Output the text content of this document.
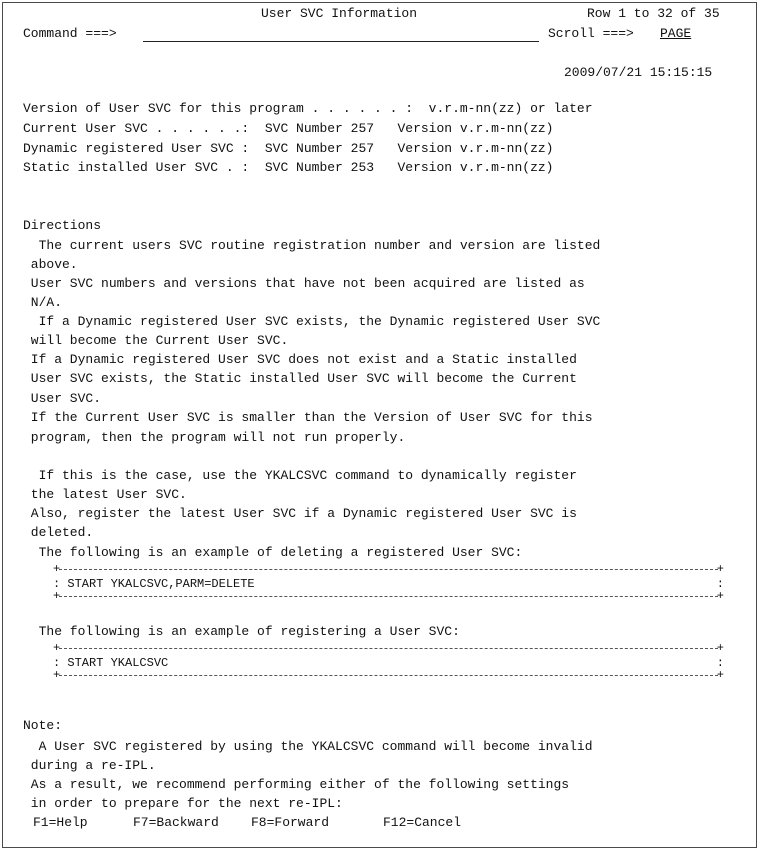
User SVC Information	Row 1 to 32 of 35
Command ===>	Scroll ===> PAGE
2009/07/21 15:15:15
Version of User SVC for this program . . . . . . :  v.r.m-nn(zz) or later
Current User SVC . . . . . .:  SVC Number 257   Version v.r.m-nn(zz)
Dynamic registered User SVC :  SVC Number 257   Version v.r.m-nn(zz)
Static installed User SVC . :  SVC Number 253   Version v.r.m-nn(zz)
Directions
The current users SVC routine registration number and version are listed
above.
User SVC numbers and versions that have not been acquired are listed as
N/A.
If a Dynamic registered User SVC exists, the Dynamic registered User SVC
will become the Current User SVC.
If a Dynamic registered User SVC does not exist and a Static installed
User SVC exists, the Static installed User SVC will become the Current
User SVC.
If the Current User SVC is smaller than the Version of User SVC for this
program, then the program will not run properly.
If this is the case, use the YKALCSVC command to dynamically register
the latest User SVC.
Also, register the latest User SVC if a Dynamic registered User SVC is
deleted.
The following is an example of deleting a registered User SVC:
+	+
: START YKALCSVC,PARM=DELETE	:
+	+
The following is an example of registering a User SVC:
+	+
: START YKALCSVC	:
+	+
Note:
A User SVC registered by using the YKALCSVC command will become invalid
during a re-IPL.
As a result, we recommend performing either of the following settings
in order to prepare for the next re-IPL:
F1=Help	F7=Backward F8=Forward	F12=Cancel
